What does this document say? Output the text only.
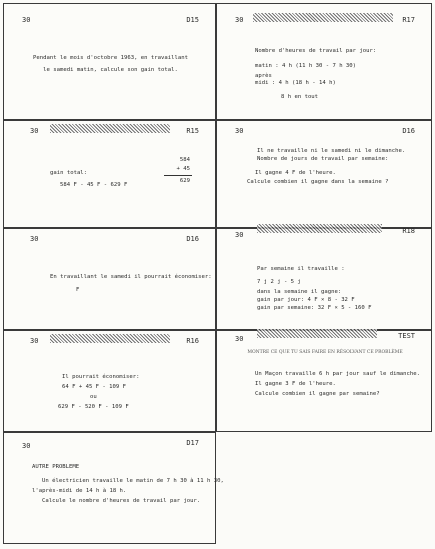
30	D15
Pendant le mois d'octobre 1963, en travaillant
le samedi matin, calcule son gain total.
30	R17
Nombre d'heures de travail par jour:
matin : 4 h (11 h 30 - 7 h 30)
après
midi : 4 h (18 h - 14 h)
8 h en tout
30	R15
584
+ 45
629
gain total:
584 F - 45 F - 629 F
30	D16
Il ne travaille ni le samedi ni le dimanche.
Nombre de jours de travail par semaine:
Il gagne 4 F de l'heure.
Calcule combien il gagne dans la semaine ?
30	D16
En travaillant le samedi il pourrait économiser:
F
30	R18
Par semaine il travaille :
7 j 2 j - 5 j
dans la semaine il gagne:
gain par jour: 4 F × 8 - 32 F
gain par semaine: 32 F × 5 - 160 F
30	R16
Il pourrait économiser:
64 F + 45 F - 109 F
ou
629 F - 520 F - 109 F
30	TEST
MONTRE CE QUE TU SAIS FAIRE EN RÉSOLVANT CE PROBLÈME
Un Maçon travaille 6 h par jour sauf le dimanche.
Il gagne 3 F de l'heure.
Calcule combien il gagne par semaine?
30	D17
AUTRE PROBLEME
Un électricien travaille le matin de 7 h 30 à 11 h 30,
l'après-midi de 14 h à 18 h.
Calcule le nombre d'heures de travail par jour.
